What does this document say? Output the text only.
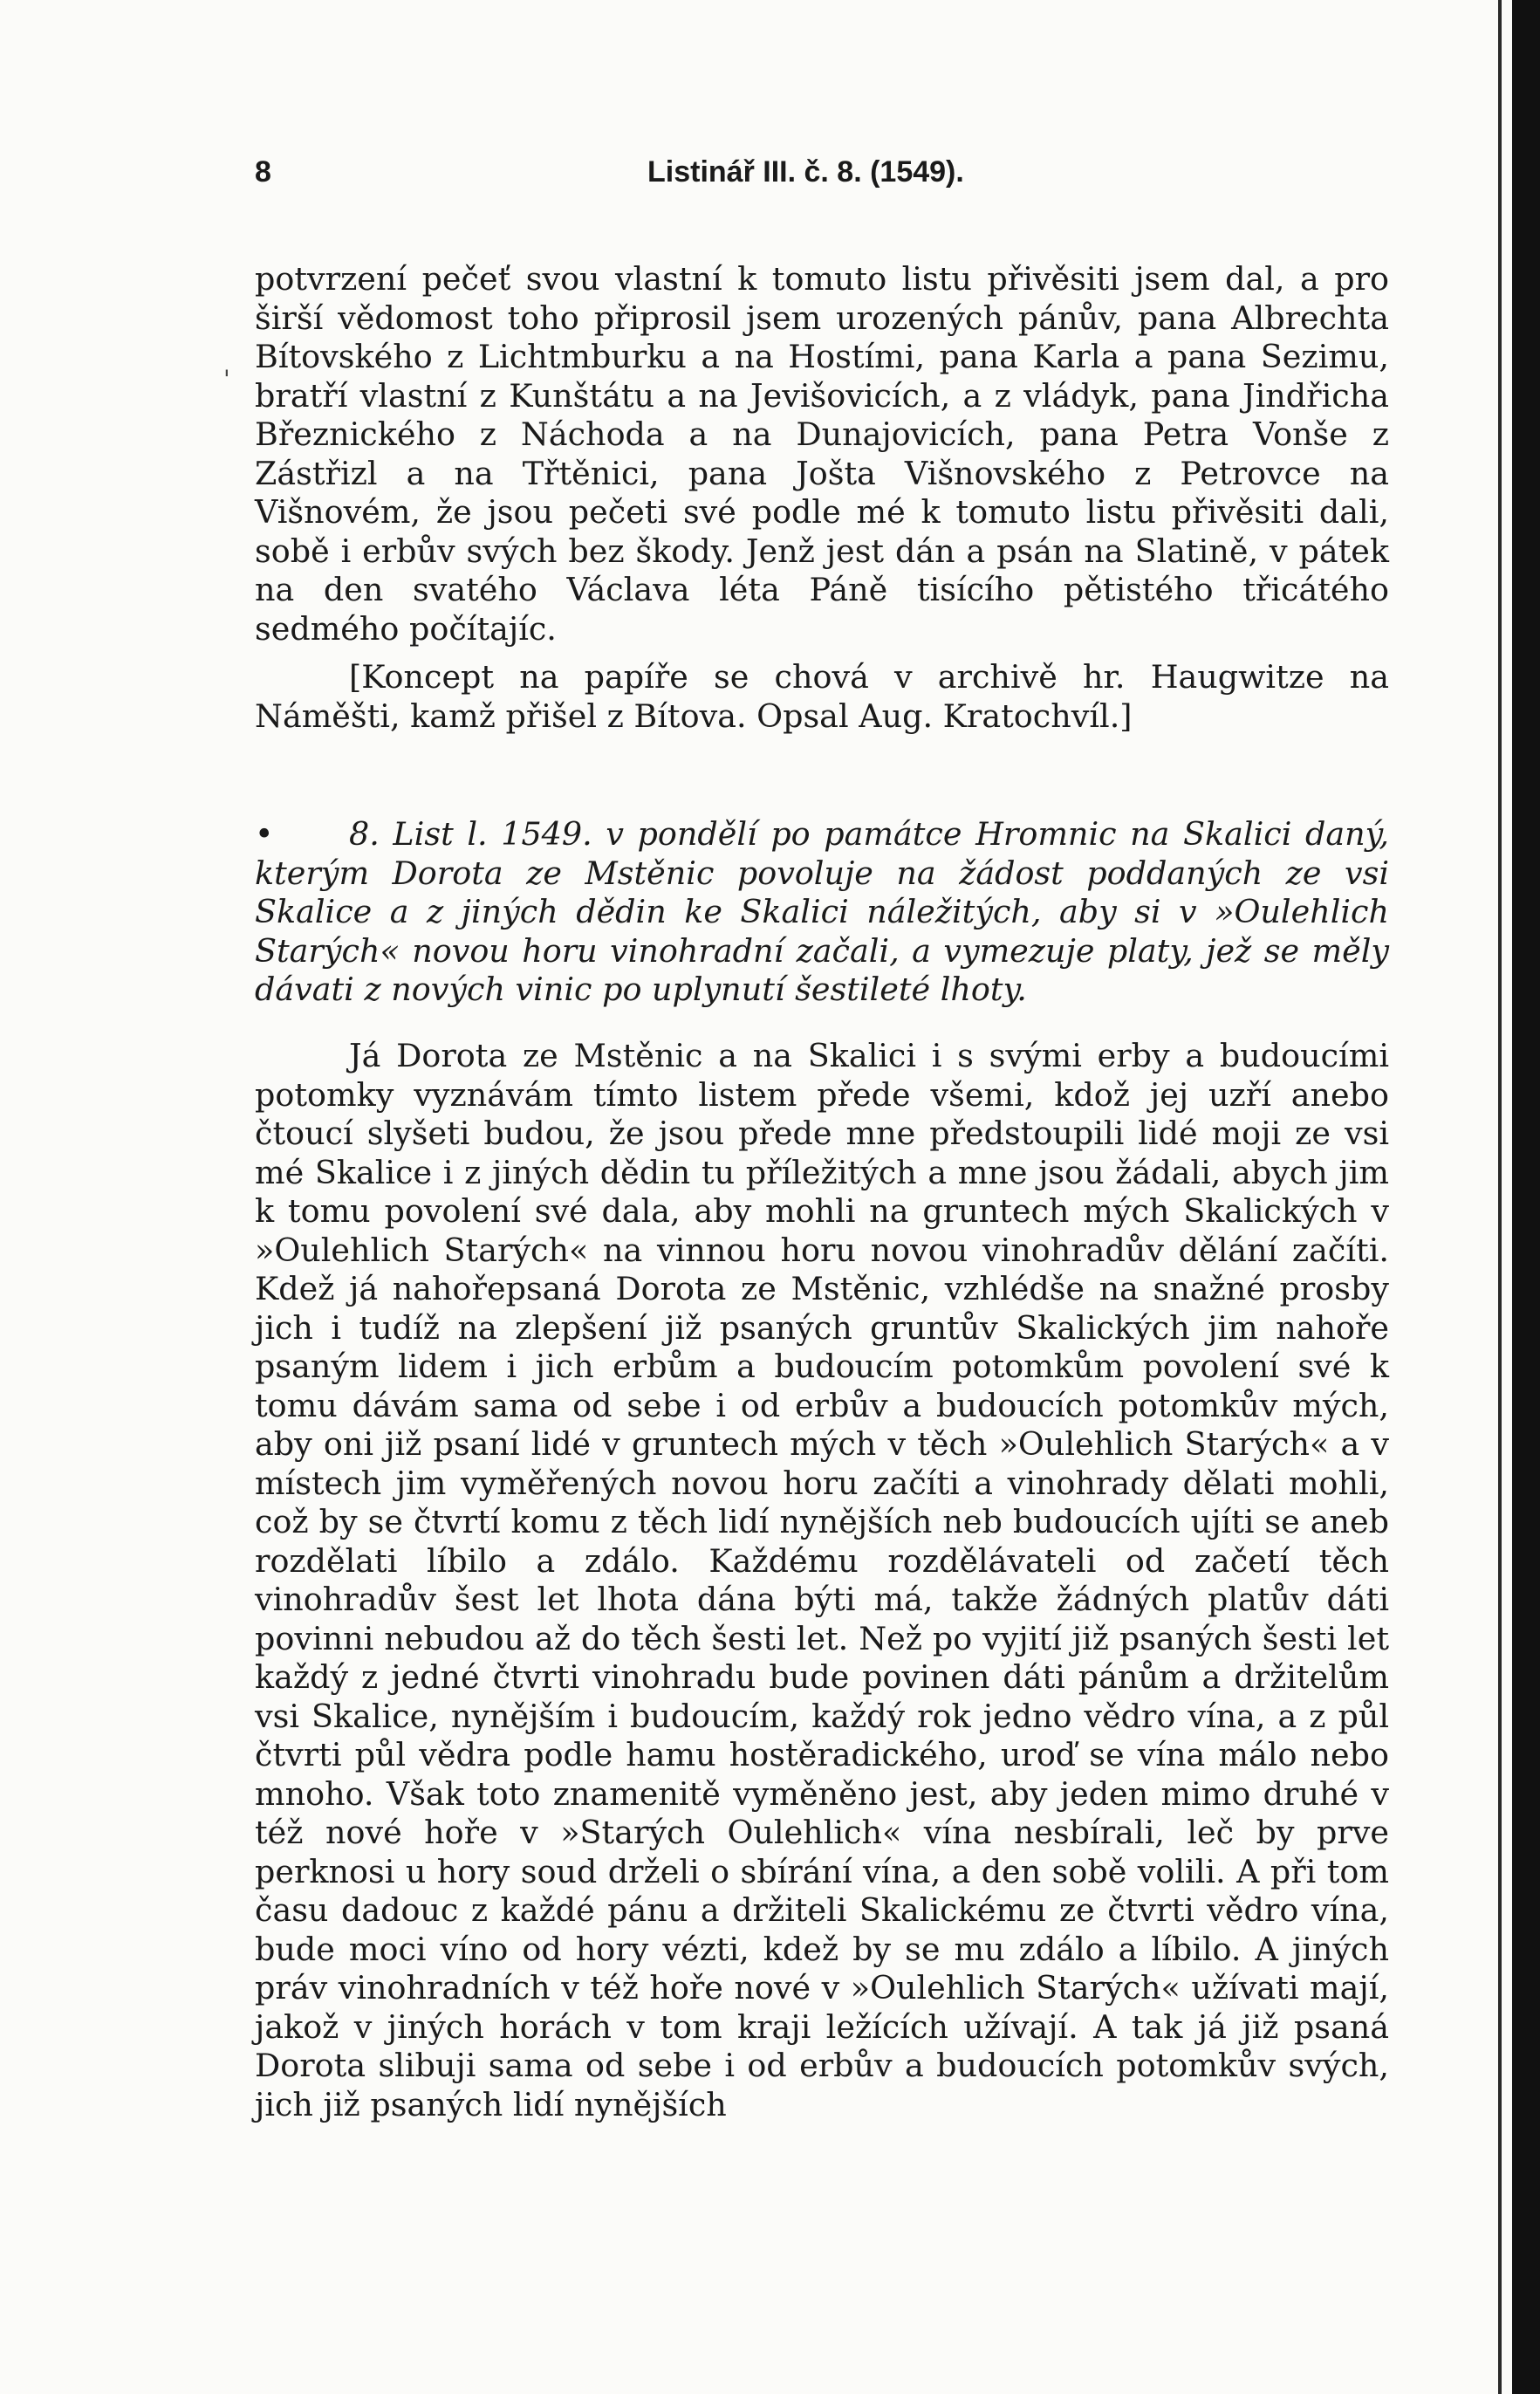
8	Listinář III. č. 8. (1549).

potvrzení pečeť svou vlastní k tomuto listu přivěsiti jsem dal, a pro širší vědomost toho připrosil jsem urozených pánův, pana Albrechta Bítovského z Lichtmburku a na Hostími, pana Karla a pana Sezimu, bratří vlastní z Kunštátu a na Jevišovicích, a z vládyk, pana Jindřicha Březnického z Náchoda a na Dunajovicích, pana Petra Vonše z Zástřizl a na Třtěnici, pana Jošta Višnovského z Petrovce na Višnovém, že jsou pečeti své podle mé k tomuto listu přivěsiti dali, sobě i erbův svých bez škody. Jenž jest dán a psán na Slatině, v pátek na den svatého Václava léta Páně tisícího pětistého třicátého sedmého počítajíc.

[Koncept na papíře se chová v archivě hr. Haugwitze na Náměšti, kamž přišel z Bítova. Opsal Aug. Kratochvíl.]

• 8. List l. 1549. v pondělí po památce Hromnic na Skalici daný, kterým Dorota ze Mstěnic povoluje na žádost poddaných ze vsi Skalice a z jiných dědin ke Skalici náležitých, aby si v »Oulehlich Starých« novou horu vinohradní začali, a vymezuje platy, jež se měly dávati z nových vinic po uplynutí šestileté lhoty.

Já Dorota ze Mstěnic a na Skalici i s svými erby a budoucími potomky vyznávám tímto listem přede všemi, kdož jej uzří anebo čtoucí slyšeti budou, že jsou přede mne předstoupili lidé moji ze vsi mé Skalice i z jiných dědin tu příležitých a mne jsou žádali, abych jim k tomu povolení své dala, aby mohli na gruntech mých Skalických v »Oulehlich Starých« na vinnou horu novou vinohradův dělání začíti. Kdež já nahořepsaná Dorota ze Mstěnic, vzhlédše na snažné prosby jich i tudíž na zlepšení již psaných gruntův Skalických jim nahoře psaným lidem i jich erbům a budoucím potomkům povolení své k tomu dávám sama od sebe i od erbův a budoucích potomkův mých, aby oni již psaní lidé v gruntech mých v těch »Oulehlich Starých« a v místech jim vyměřených novou horu začíti a vinohrady dělati mohli, což by se čtvrtí komu z těch lidí nynějších neb budoucích ujíti se aneb rozdělati líbilo a zdálo. Každému rozdělávateli od začetí těch vinohradův šest let lhota dána býti má, takže žádných platův dáti povinni nebudou až do těch šesti let. Než po vyjití již psaných šesti let každý z jedné čtvrti vinohradu bude povinen dáti pánům a držitelům vsi Skalice, nynějším i budoucím, každý rok jedno vědro vína, a z půl čtvrti půl vědra podle hamu hostěradického, uroď se vína málo nebo mnoho. Však toto znamenitě vyměněno jest, aby jeden mimo druhé v též nové hoře v »Starých Oulehlich« vína nesbírali, leč by prve perknosi u hory soud drželi o sbírání vína, a den sobě volili. A při tom času dadouc z každé pánu a držiteli Skalickému ze čtvrti vědro vína, bude moci víno od hory vézti, kdež by se mu zdálo a líbilo. A jiných práv vinohradních v též hoře nové v »Oulehlich Starých« užívati mají, jakož v jiných horách v tom kraji ležících užívají. A tak já již psaná Dorota slibuji sama od sebe i od erbův a budoucích potomkův svých, jich již psaných lidí nynějších

'
